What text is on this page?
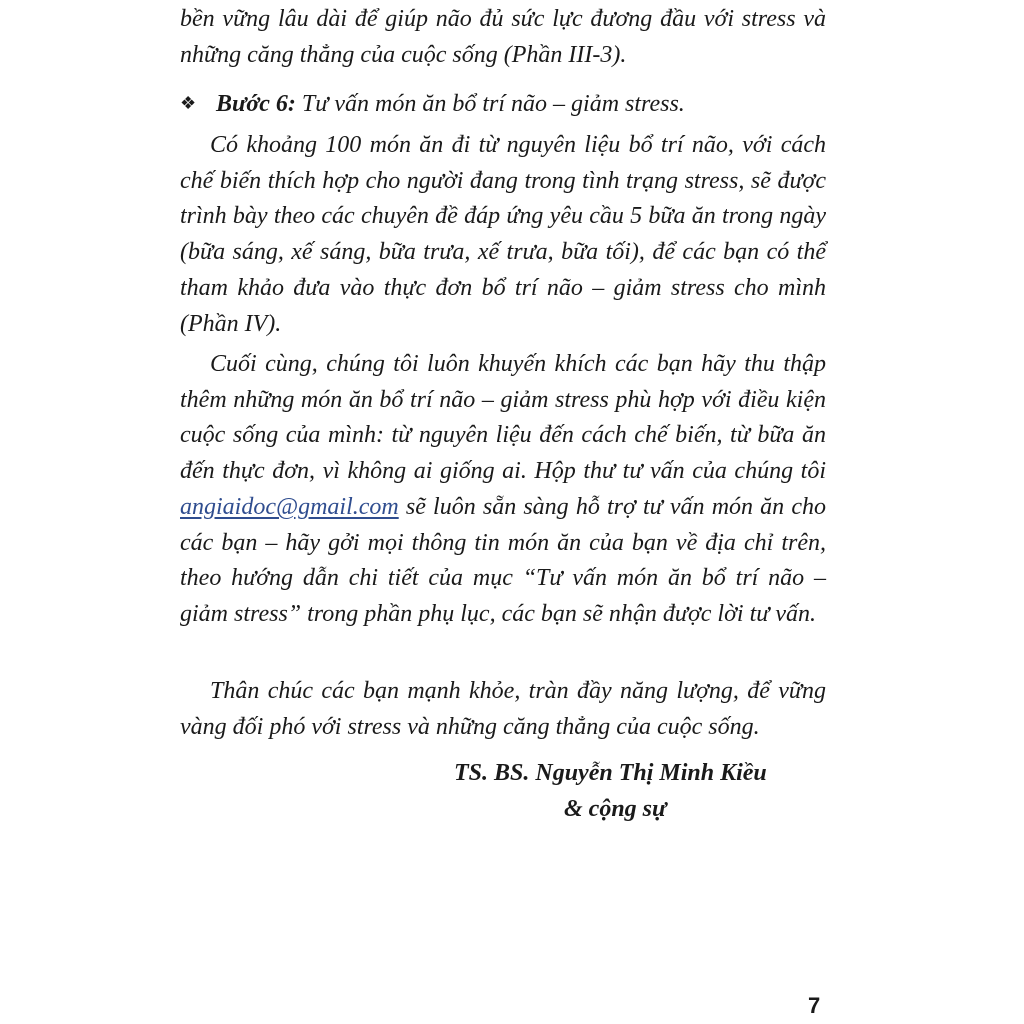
bền vững lâu dài để giúp não đủ sức lực đương đầu với stress và những căng thẳng của cuộc sống (Phần III-3).
❖ Bước 6: Tư vấn món ăn bổ trí não – giảm stress.
Có khoảng 100 món ăn đi từ nguyên liệu bổ trí não, với cách chế biến thích hợp cho người đang trong tình trạng stress, sẽ được trình bày theo các chuyên đề đáp ứng yêu cầu 5 bữa ăn trong ngày (bữa sáng, xế sáng, bữa trưa, xế trưa, bữa tối), để các bạn có thể tham khảo đưa vào thực đơn bổ trí não – giảm stress cho mình (Phần IV).
Cuối cùng, chúng tôi luôn khuyến khích các bạn hãy thu thập thêm những món ăn bổ trí não – giảm stress phù hợp với điều kiện cuộc sống của mình: từ nguyên liệu đến cách chế biến, từ bữa ăn đến thực đơn, vì không ai giống ai. Hộp thư tư vấn của chúng tôi angiaidoc@gmail.com sẽ luôn sẵn sàng hỗ trợ tư vấn món ăn cho các bạn – hãy gởi mọi thông tin món ăn của bạn về địa chỉ trên, theo hướng dẫn chi tiết của mục “Tư vấn món ăn bổ trí não – giảm stress” trong phần phụ lục, các bạn sẽ nhận được lời tư vấn.
Thân chúc các bạn mạnh khỏe, tràn đầy năng lượng, để vững vàng đối phó với stress và những căng thẳng của cuộc sống.
TS. BS. Nguyễn Thị Minh Kiều
& cộng sự
7
